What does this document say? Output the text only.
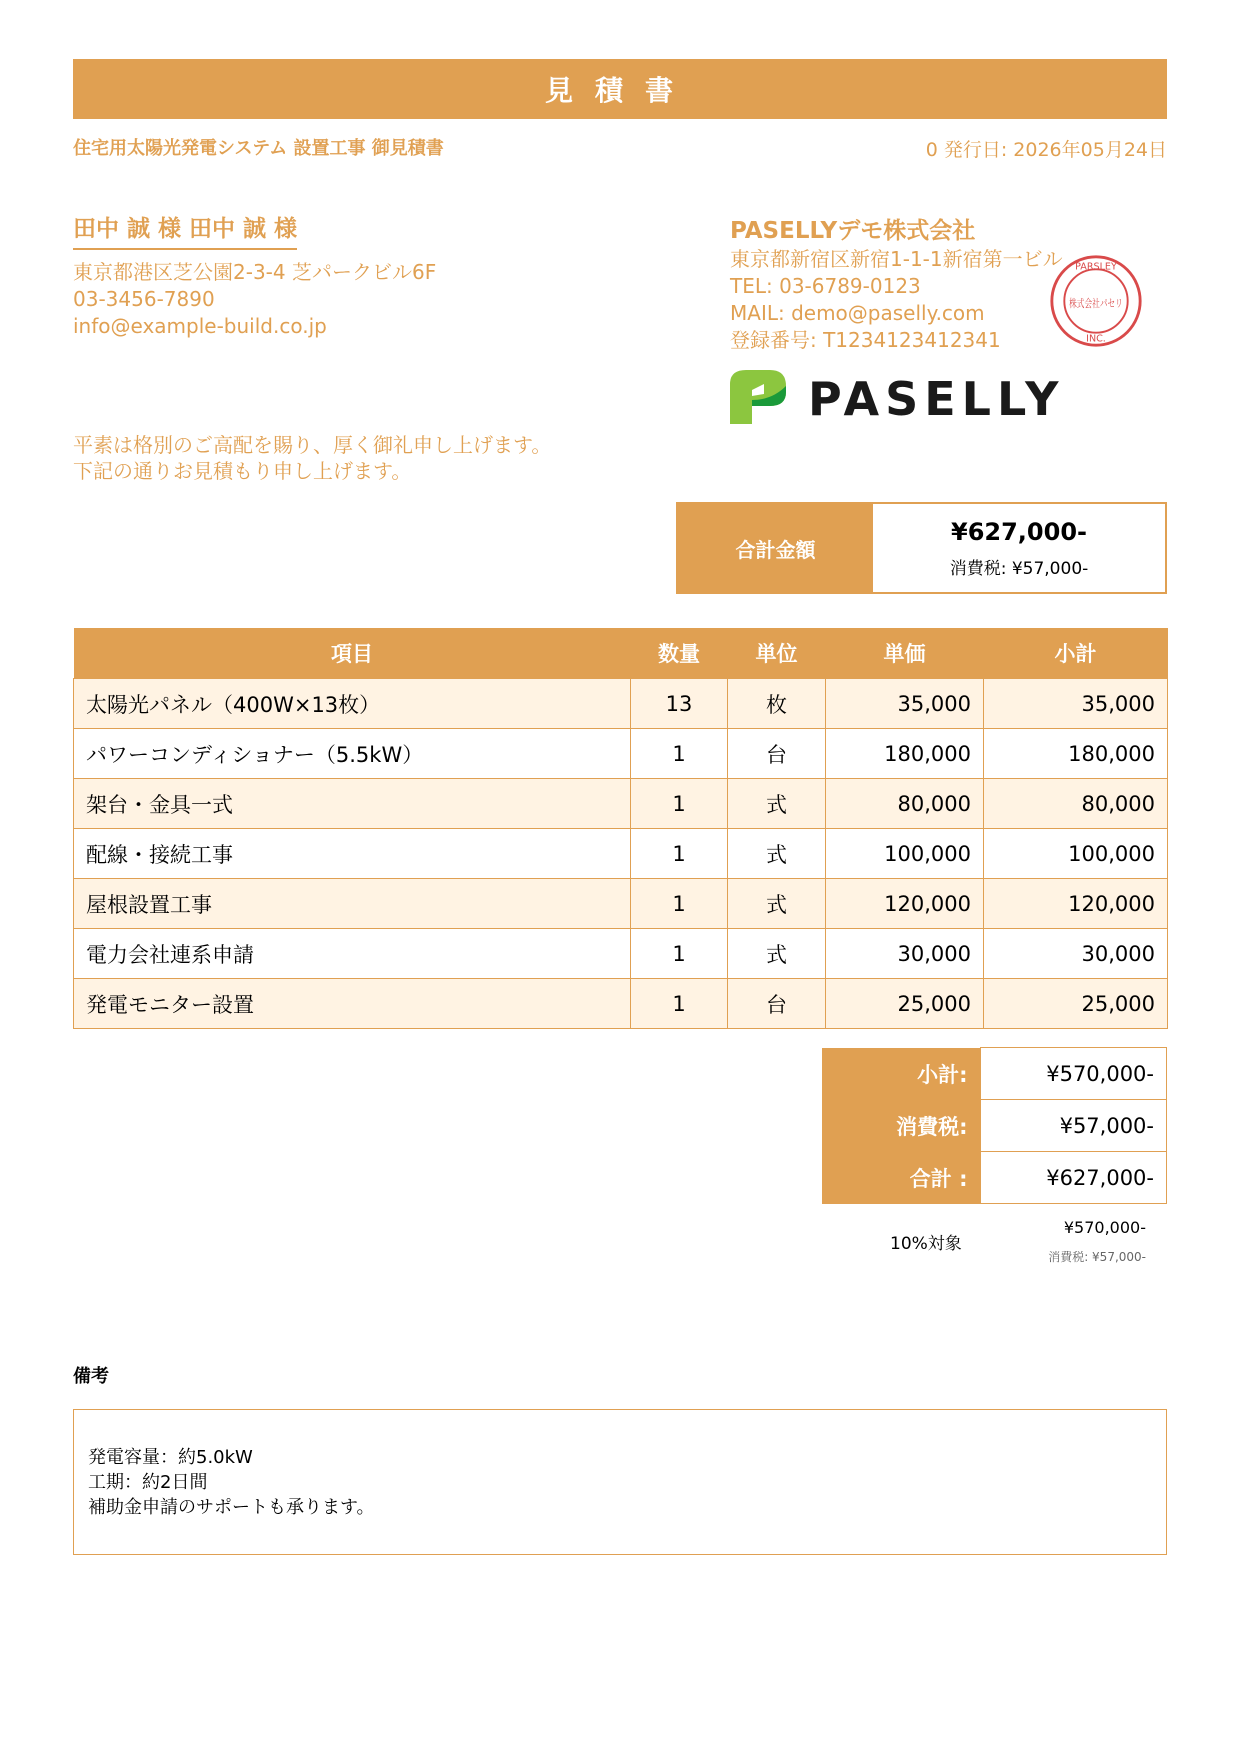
見積書
住宅用太陽光発電システム 設置工事 御見積書	0 発行日: 2026年05月24日
田中 誠 様 田中 誠 様
東京都港区芝公園2-3-4 芝パークビル6F
03-3456-7890
info@example-build.co.jp
PASELLYデモ株式会社
東京都新宿区新宿1-1-1新宿第一ビル
TEL: 03-6789-0123
MAIL: demo@paselly.com
登録番号: T1234123412341
PARSLEY
株式会社パセリ
INC.
PASELLY
平素は格別のご高配を賜り、厚く御礼申し上げます。
下記の通りお見積もり申し上げます。
合計金額
¥627,000-
消費税: ¥57,000-
項目	数量	単位	単価	小計
太陽光パネル（400W×13枚）	13	枚	35,000	35,000
パワーコンディショナー（5.5kW）	1	台	180,000	180,000
架台・金具一式	1	式	80,000	80,000
配線・接続工事	1	式	100,000	100,000
屋根設置工事	1	式	120,000	120,000
電力会社連系申請	1	式	30,000	30,000
発電モニター設置	1	台	25,000	25,000
小計:	¥570,000-
消費税:	¥57,000-
合計 :	¥627,000-
10%対象
¥570,000-
消費税: ¥57,000-
備考
発電容量：約5.0kW
工期：約2日間
補助金申請のサポートも承ります。
